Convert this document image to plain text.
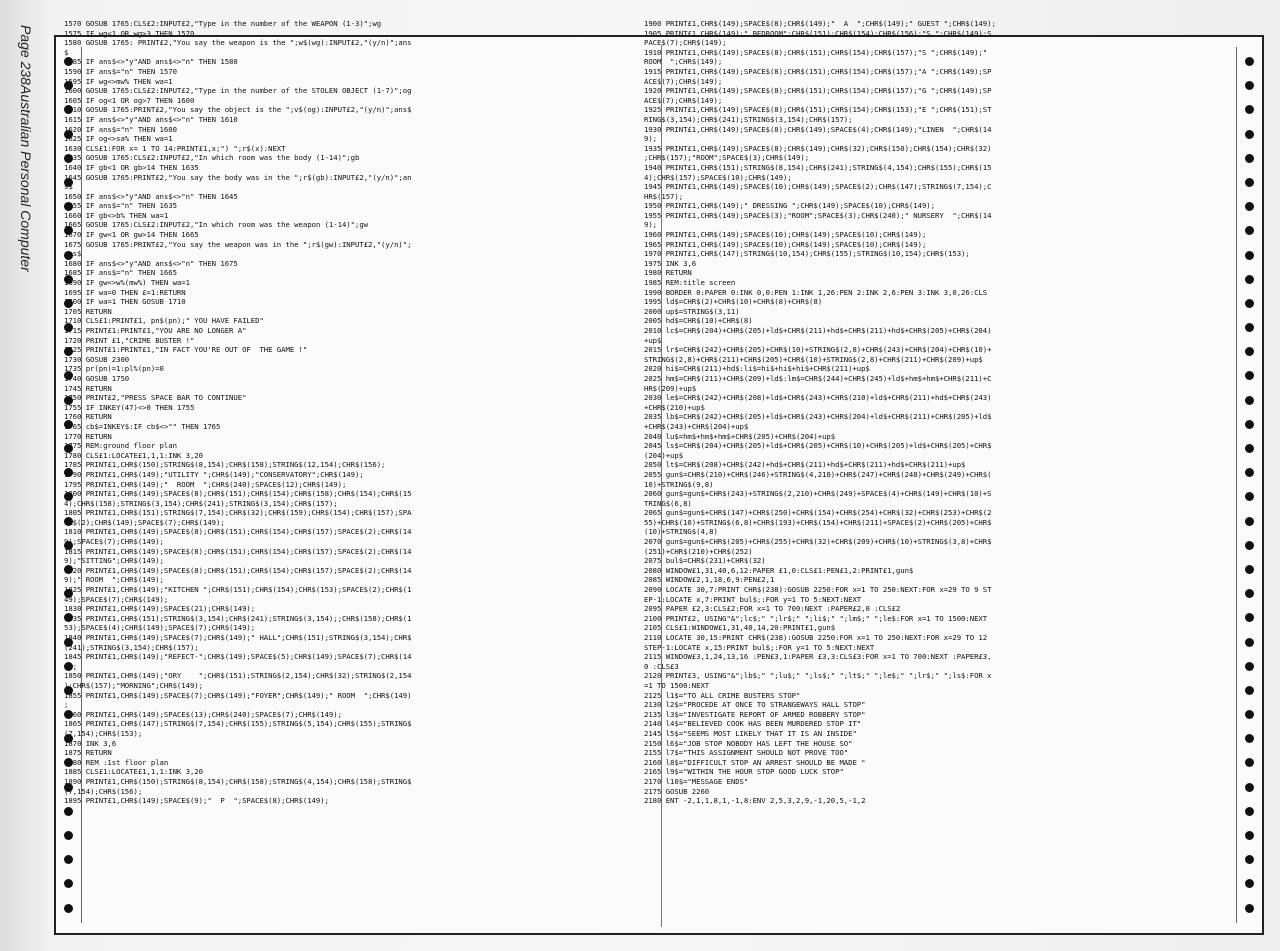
Page 238Australian Personal Computer
1570 GOSUB 1765:CLS£2:INPUT£2,"Type in the number of the WEAPON (1-3)";wg
1575 IF wg<1 OR wg>3 THEN 1570
1580 GOSUB 1765: PRINT£2,"You say the weapon is the ";w$(wg):INPUT£2,"(y/n)";ans
$
1585 IF ans$<>"y"AND ans$<>"n" THEN 1580
1590 IF ans$="n" THEN 1570
1595 IF wg<>mw% THEN wa=1
1600 GOSUB 1765:CLS£2:INPUT£2,"Type in the number of the STOLEN OBJECT (1-7)";og
1605 IF og<1 OR og>7 THEN 1600
1610 GOSUB 1765:PRINT£2,"You say the object is the ";v$(og):INPUT£2,"(y/n)";ans$
1615 IF ans$<>"y"AND ans$<>"n" THEN 1610
1620 IF ans$="n" THEN 1600
1625 IF og<>sa% THEN wa=1
1630 CLS£1:FOR x= 1 TO 14:PRINT£1,x;") ";r$(x):NEXT
1635 GOSUB 1765:CLS£2:INPUT£2,"In which room was the body (1-14)";gb
1640 IF gb<1 OR gb>14 THEN 1635
1645 GOSUB 1765:PRINT£2,"You say the body was in the ";r$(gb):INPUT£2,"(y/n)";an
s$
1650 IF ans$<>"y"AND ans$<>"n" THEN 1645
1655 IF ans$="n" THEN 1635
1660 IF gb<>b% THEN wa=1
1665 GOSUB 1765:CLS£2:INPUT£2,"In which room was the weapon (1-14)";gw
1670 IF gw<1 OR gw>14 THEN 1665
1675 GOSUB 1765:PRINT£2,"You say the weapon was in the ";r$(gw):INPUT£2,"(y/n)";
ans$
1680 IF ans$<>"y"AND ans$<>"n" THEN 1675
1685 IF ans$="n" THEN 1665
1690 IF gw<>w%(mw%) THEN wa=1
1695 IF wa=0 THEN £=1:RETURN
1700 IF wa=1 THEN GOSUB 1710
1705 RETURN
1710 CLS£1:PRINT£1, pn$(pn);" YOU HAVE FAILED"
1715 PRINT£1:PRINT£1,"YOU ARE NO LONGER A"
1720 PRINT £1,"CRIME BUSTER !"
1725 PRINT£1:PRINT£1,"IN FACT YOU'RE OUT OF  THE GAME !"
1730 GOSUB 2300
1735 pr(pn)=1:pl%(pn)=0
1740 GOSUB 1750
1745 RETURN
1750 PRINT£2,"PRESS SPACE BAR TO CONTINUE"
1755 IF INKEY(47)<>0 THEN 1755
1760 RETURN
1765 cb$=INKEY$:IF cb$<>"" THEN 1765
1770 RETURN
1775 REM:ground floor plan
1780 CLS£1:LOCATE£1,1,1:INK 3,20
1785 PRINT£1,CHR$(150);STRING$(8,154);CHR$(158);STRING$(12,154);CHR$(156);
1790 PRINT£1,CHR$(149);"UTILITY ";CHR$(149);"CONSERVATORY";CHR$(149);
1795 PRINT£1,CHR$(149);"  ROOM  ";CHR$(240);SPACE$(12);CHR$(149);
1800 PRINT£1,CHR$(149);SPACE$(8);CHR$(151);CHR$(154);CHR$(158);CHR$(154);CHR$(15
4);CHR$(158);STRING$(3,154);CHR$(241);STRING$(3,154);CHR$(157);
1805 PRINT£1,CHR$(151);STRING$(7,154);CHR$(32);CHR$(159);CHR$(154);CHR$(157);SPA
CE$(2);CHR$(149);SPACE$(7);CHR$(149);
1810 PRINT£1,CHR$(149);SPACE$(8);CHR$(151);CHR$(154);CHR$(157);SPACE$(2);CHR$(14
9);SPACE$(7);CHR$(149);
1815 PRINT£1,CHR$(149);SPACE$(8);CHR$(151);CHR$(154);CHR$(157);SPACE$(2);CHR$(14
9);"SITTING";CHR$(149);
1820 PRINT£1,CHR$(149);SPACE$(8);CHR$(151);CHR$(154);CHR$(157);SPACE$(2);CHR$(14
9);" ROOM  ";CHR$(149);
1825 PRINT£1,CHR$(149);"KITCHEN ";CHR$(151);CHR$(154);CHR$(153);SPACE$(2);CHR$(1
49);SPACE$(7);CHR$(149);
1830 PRINT£1,CHR$(149);SPACE$(21);CHR$(149);
1835 PRINT£1,CHR$(151);STRING$(3,154);CHR$(241);STRING$(3,154);;CHR$(158);CHR$(1
53);SPACE$(4);CHR$(149);SPACE$(7);CHR$(149);
1840 PRINT£1,CHR$(149);SPACE$(7);CHR$(149);" HALL";CHR$(151);STRING$(3,154);CHR$
(241);STRING$(3,154);CHR$(157);
1845 PRINT£1,CHR$(149);"REFECT-";CHR$(149);SPACE$(5);CHR$(149);SPACE$(7);CHR$(14
9);
1850 PRINT£1,CHR$(149);"ORY    ";CHR$(151);STRING$(2,154);CHR$(32);STRING$(2,154
);CHR$(157);"MORNING";CHR$(149);
1855 PRINT£1,CHR$(149);SPACE$(7);CHR$(149);"FOYER";CHR$(149);" ROOM  ";CHR$(149)
;
1860 PRINT£1,CHR$(149);SPACE$(13);CHR$(240);SPACE$(7);CHR$(149);
1865 PRINT£1,CHR$(147);STRING$(7,154);CHR$(155);STRING$(5,154);CHR$(155);STRING$
(7,154);CHR$(153);
1870 INK 3,6
1875 RETURN
1880 REM :1st floor plan
1885 CLS£1:LOCATE£1,1,1:INK 3,20
1890 PRINT£1,CHR$(150);STRING$(8,154);CHR$(158);STRING$(4,154);CHR$(158);STRING$
(7,154);CHR$(156);
1895 PRINT£1,CHR$(149);SPACE$(9);"  P  ";SPACE$(8);CHR$(149);
1900 PRINT£1,CHR$(149);SPACE$(8);CHR$(149);"  A  ";CHR$(149);" GUEST ";CHR$(149);
1905 PRINT£1,CHR$(149);" BEDROOM";CHR$(151);CHR$(154);CHR$(156);"S ";CHR$(149);S
PACE$(7);CHR$(149);
1910 PRINT£1,CHR$(149);SPACE$(8);CHR$(151);CHR$(154);CHR$(157);"S ";CHR$(149);"
ROOM  ";CHR$(149);
1915 PRINT£1,CHR$(149);SPACE$(8);CHR$(151);CHR$(154);CHR$(157);"A ";CHR$(149);SP
ACE$(7);CHR$(149);
1920 PRINT£1,CHR$(149);SPACE$(8);CHR$(151);CHR$(154);CHR$(157);"G ";CHR$(149);SP
ACE$(7);CHR$(149);
1925 PRINT£1,CHR$(149);SPACE$(8);CHR$(151);CHR$(154);CHR$(153);"E ";CHR$(151);ST
RING$(3,154);CHR$(241);STRING$(3,154);CHR$(157);
1930 PRINT£1,CHR$(149);SPACE$(8);CHR$(149);SPACE$(4);CHR$(149);"LINEN  ";CHR$(14
9);
1935 PRINT£1,CHR$(149);SPACE$(8);CHR$(149);CHR$(32);CHR$(150);CHR$(154);CHR$(32)
;CHR$(157);"ROOM";SPACE$(3);CHR$(149);
1940 PRINT£1,CHR$(151);STRING$(8,154);CHR$(241);STRING$(4,154);CHR$(155);CHR$(15
4);CHR$(157);SPACE$(10);CHR$(149);
1945 PRINT£1,CHR$(149);SPACE$(10);CHR$(149);SPACE$(2);CHR$(147);STRING$(7,154);C
HR$(157);
1950 PRINT£1,CHR$(149);" DRESSING ";CHR$(149);SPACE$(10);CHR$(149);
1955 PRINT£1,CHR$(149);SPACE$(3);"ROOM";SPACE$(3);CHR$(240);" NURSERY  ";CHR$(14
9);
1960 PRINT£1,CHR$(149);SPACE$(10);CHR$(149);SPACE$(10);CHR$(149);
1965 PRINT£1,CHR$(149);SPACE$(10);CHR$(149);SPACE$(10);CHR$(149);
1970 PRINT£1,CHR$(147);STRING$(10,154);CHR$(155);STRING$(10,154);CHR$(153);
1975 INK 3,6
1980 RETURN
1985 REM:title screen
1990 BORDER 0:PAPER 0:INK 0,0:PEN 1:INK 1,26:PEN 2:INK 2,6:PEN 3:INK 3,0,26:CLS
1995 ld$=CHR$(2)+CHR$(10)+CHR$(8)+CHR$(8)
2000 up$=STRING$(3,11)
2005 hd$=CHR$(10)+CHR$(8)
2010 lc$=CHR$(204)+CHR$(205)+ld$+CHR$(211)+hd$+CHR$(211)+hd$+CHR$(205)+CHR$(204)
+up$
2015 lr$=CHR$(242)+CHR$(205)+CHR$(10)+STRING$(2,8)+CHR$(243)+CHR$(204)+CHR$(10)+
STRING$(2,8)+CHR$(211)+CHR$(205)+CHR$(10)+STRING$(2,8)+CHR$(211)+CHR$(209)+up$
2020 hi$=CHR$(211)+hd$:li$=hi$+hi$+hi$+CHR$(211)+up$
2025 hm$=CHR$(211)+CHR$(209)+ld$:lm$=CHR$(244)+CHR$(245)+ld$+hm$+hm$+CHR$(211)+C
HR$(209)+up$
2030 le$=CHR$(242)+CHR$(208)+ld$+CHR$(243)+CHR$(210)+ld$+CHR$(211)+hd$+CHR$(243)
+CHR$(210)+up$
2035 lb$=CHR$(242)+CHR$(205)+ld$+CHR$(243)+CHR$(204)+ld$+CHR$(211)+CHR$(205)+ld$
+CHR$(243)+CHR$(204)+up$
2040 lu$=hm$+hm$+hm$+CHR$(205)+CHR$(204)+up$
2045 ls$=CHR$(204)+CHR$(205)+ld$+CHR$(205)+CHR$(10)+CHR$(205)+ld$+CHR$(205)+CHR$
(204)+up$
2050 lt$=CHR$(208)+CHR$(242)+hd$+CHR$(211)+hd$+CHR$(211)+hd$+CHR$(211)+up$
2055 gun$=CHR$(210)+CHR$(246)+STRING$(4,210)+CHR$(247)+CHR$(248)+CHR$(249)+CHR$(
10)+STRING$(9,8)
2060 gun$=gun$+CHR$(243)+STRING$(2,210)+CHR$(249)+SPACE$(4)+CHR$(149)+CHR$(10)+S
TRING$(6,8)
2065 gun$=gun$+CHR$(147)+CHR$(250)+CHR$(154)+CHR$(254)+CHR$(32)+CHR$(253)+CHR$(2
55)+CHR$(10)+STRING$(6,8)+CHR$(193)+CHR$(154)+CHR$(211)+SPACE$(2)+CHR$(205)+CHR$
(10)+STRING$(4,8)
2070 gun$=gun$+CHR$(205)+CHR$(255)+CHR$(32)+CHR$(209)+CHR$(10)+STRING$(3,8)+CHR$
(251)+CHR$(210)+CHR$(252)
2075 bul$=CHR$(231)+CHR$(32)
2080 WINDOW£1,31,40,6,12:PAPER £1,0:CLS£1:PEN£1,2:PRINT£1,gun$
2085 WINDOW£2,1,18,6,9:PEN£2,1
2090 LOCATE 30,7:PRINT CHR$(238):GOSUB 2250:FOR x=1 TO 250:NEXT:FOR x=29 TO 9 ST
EP-1:LOCATE x,7:PRINT bul$;:FOR y=1 TO 5:NEXT:NEXT
2095 PAPER £2,3:CLS£2:FOR x=1 TO 700:NEXT :PAPER£2,0 :CLS£2
2100 PRINT£2, USING"&";lc$;" ";lr$;" ";li$;" ";lm$;" ";le$:FOR x=1 TO 1500:NEXT
2105 CLS£1:WINDOW£1,31,40,14,20:PRINT£1,gun$
2110 LOCATE 30,15:PRINT CHR$(238):GOSUB 2250:FOR x=1 TO 250:NEXT:FOR x=29 TO 12
STEP-1:LOCATE x,15:PRINT bul$;:FOR y=1 TO 5:NEXT:NEXT
2115 WINDOW£3,1,24,13,16 :PEN£3,1:PAPER £3,3:CLS£3:FOR x=1 TO 700:NEXT :PAPER£3,
0 :CLS£3
2120 PRINT£3, USING"&";lb$;" ";lu$;" ";ls$;" ";lt$;" ";le$;" ";lr$;" ";ls$:FOR x
=1 TO 1500:NEXT
2125 l1$="TO ALL CRIME BUSTERS STOP"
2130 l2$="PROCEDE AT ONCE TO STRANGEWAYS HALL STOP"
2135 l3$="INVESTIGATE REPORT OF ARMED ROBBERY STOP"
2140 l4$="BELIEVED COOK HAS BEEN MURDERED STOP IT"
2145 l5$="SEEMS MOST LIKELY THAT IT IS AN INSIDE"
2150 l6$="JOB STOP NOBODY HAS LEFT THE HOUSE SO"
2155 l7$="THIS ASSIGNMENT SHOULD NOT PROVE TOO"
2160 l8$="DIFFICULT STOP AN ARREST SHOULD BE MADE "
2165 l9$="WITHIN THE HOUR STOP GOOD LUCK STOP"
2170 l10$="MESSAGE ENDS"
2175 GOSUB 2260
2180 ENT -2,1,1,8,1,-1,8:ENV 2,5,3,2,9,-1,20,5,-1,2
